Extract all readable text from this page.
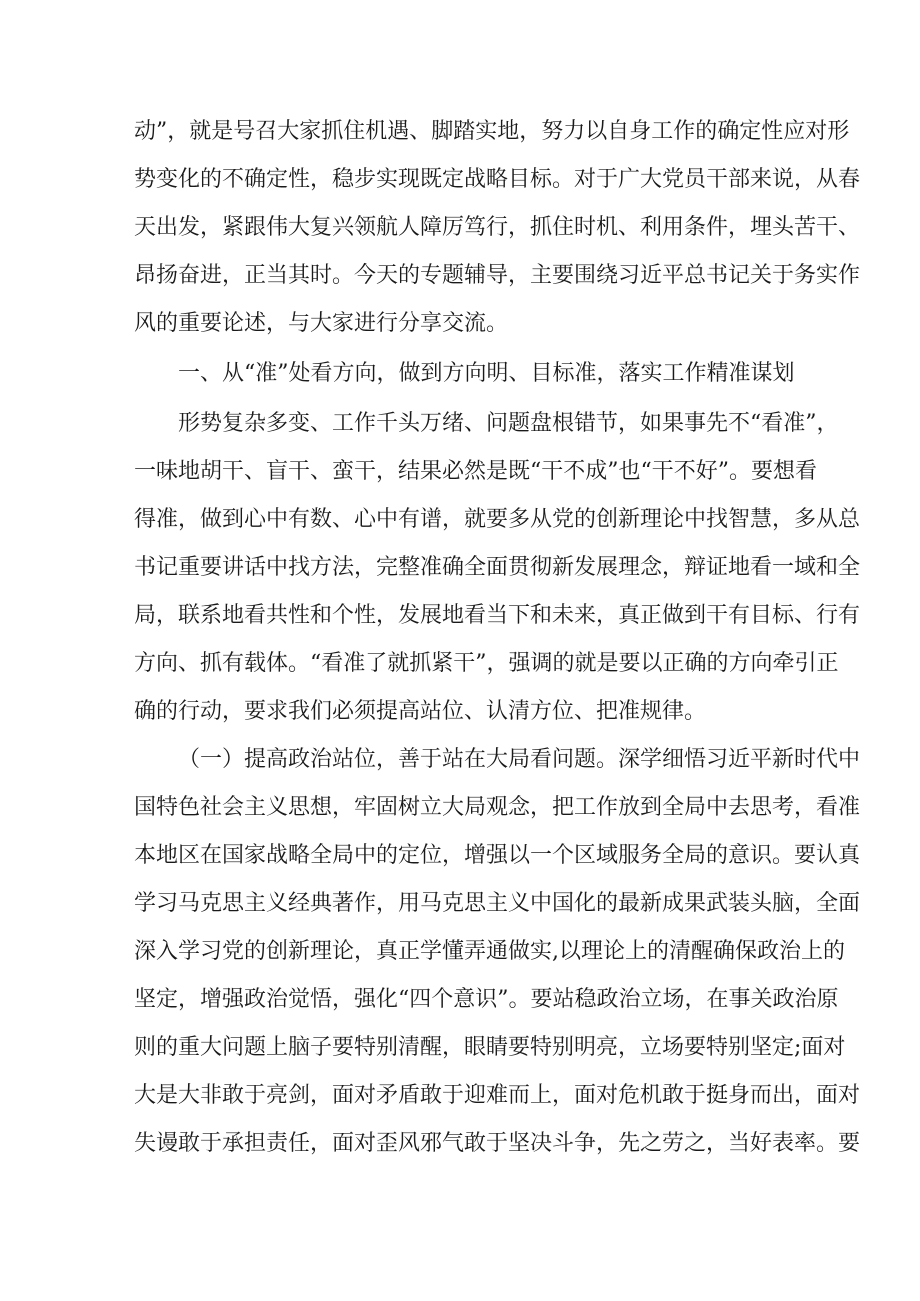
动”，就是号召大家抓住机遇、脚踏实地，努力以自身工作的确定性应对形
势变化的不确定性，稳步实现既定战略目标。对于广大党员干部来说，从春
天出发，紧跟伟大复兴领航人障厉笃行，抓住时机、利用条件，埋头苦干、
昂扬奋进，正当其时。今天的专题辅导，主要围绕习近平总书记关于务实作
风的重要论述，与大家进行分享交流。
一、从“准”处看方向，做到方向明、目标准，落实工作精准谋划
形势复杂多变、工作千头万绪、问题盘根错节，如果事先不“看准”，
一味地胡干、盲干、蛮干，结果必然是既“干不成”也“干不好”。要想看
得准，做到心中有数、心中有谱，就要多从党的创新理论中找智慧，多从总
书记重要讲话中找方法，完整准确全面贯彻新发展理念，辩证地看一域和全
局，联系地看共性和个性，发展地看当下和未来，真正做到干有目标、行有
方向、抓有载体。“看准了就抓紧干”，强调的就是要以正确的方向牵引正
确的行动，要求我们必须提高站位、认清方位、把准规律。
（一）提高政治站位，善于站在大局看问题。深学细悟习近平新时代中
国特色社会主义思想，牢固树立大局观念，把工作放到全局中去思考，看准
本地区在国家战略全局中的定位，增强以一个区域服务全局的意识。要认真
学习马克思主义经典著作，用马克思主义中国化的最新成果武装头脑，全面
深入学习党的创新理论，真正学懂弄通做实,以理论上的清醒确保政治上的
坚定，增强政治觉悟，强化“四个意识”。要站稳政治立场，在事关政治原
则的重大问题上脑子要特别清醒，眼睛要特别明亮，立场要特别坚定;面对
大是大非敢于亮剑，面对矛盾敢于迎难而上，面对危机敢于挺身而出，面对
失谩敢于承担责任，面对歪风邪气敢于坚决斗争，先之劳之，当好表率。要
